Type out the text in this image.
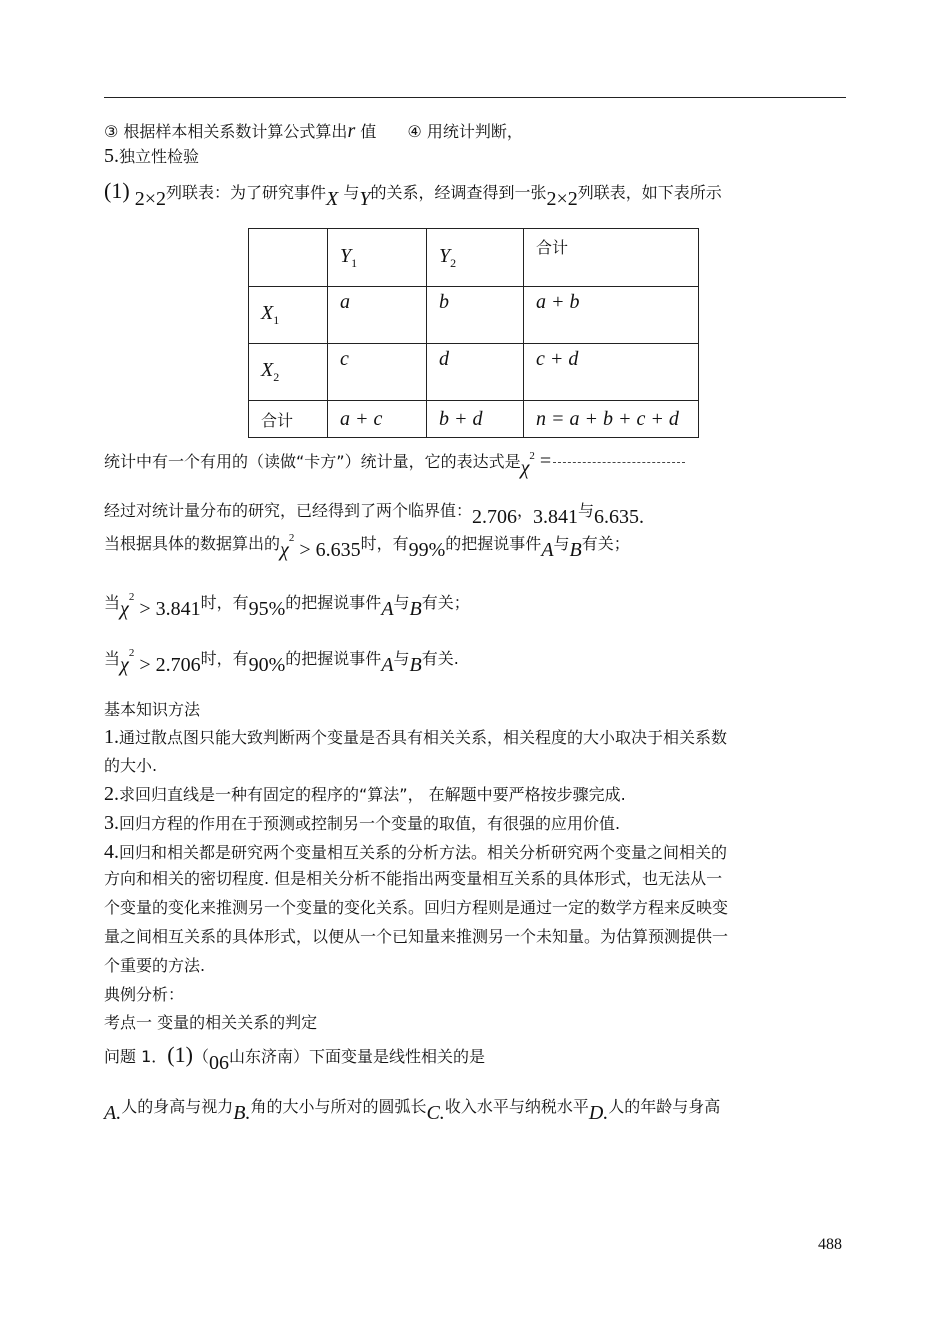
③ 根据样本相关系数计算公式算出r 值 ④ 用统计判断，
5.独立性检验
(1) 2×2列联表：为了研究事件X 与Y的关系，经调查得到一张2×2列联表，如下表所示
	$Y_1$	$Y_2$	合计
$X_1$	a	b	a + b
$X_2$	c	d	c + d
合计	a + c	b + d	n = a + b + c + d
统计中有一个有用的（读做“卡方”）统计量，它的表达式是$\chi^2$ =
经过对统计量分布的研究，已经得到了两个临界值：2.706，3.841与6.635.
当根据具体的数据算出的$\chi^2 > 6.635$时，有99%的把握说事件A与B有关；
当$\chi^2 > 3.841$时，有95%的把握说事件A与B有关；
当$\chi^2 > 2.706$时，有90%的把握说事件A与B有关.
基本知识方法
1.通过散点图只能大致判断两个变量是否具有相关关系，相关程度的大小取决于相关系数
的大小.
2.求回归直线是一种有固定的程序的“算法”， 在解题中要严格按步骤完成.
3.回归方程的作用在于预测或控制另一个变量的取值，有很强的应用价值.
4.回归和相关都是研究两个变量相互关系的分析方法。相关分析研究两个变量之间相关的
方向和相关的密切程度. 但是相关分析不能指出两变量相互关系的具体形式，也无法从一
个变量的变化来推测另一个变量的变化关系。回归方程则是通过一定的数学方程来反映变
量之间相互关系的具体形式，以便从一个已知量来推测另一个未知量。为估算预测提供一
个重要的方法.
典例分析：
考点一 变量的相关关系的判定
问题 1．(1)（06山东济南）下面变量是线性相关的是
A.人的身高与视力B.角的大小与所对的圆弧长C.收入水平与纳税水平D.人的年龄与身高
488
